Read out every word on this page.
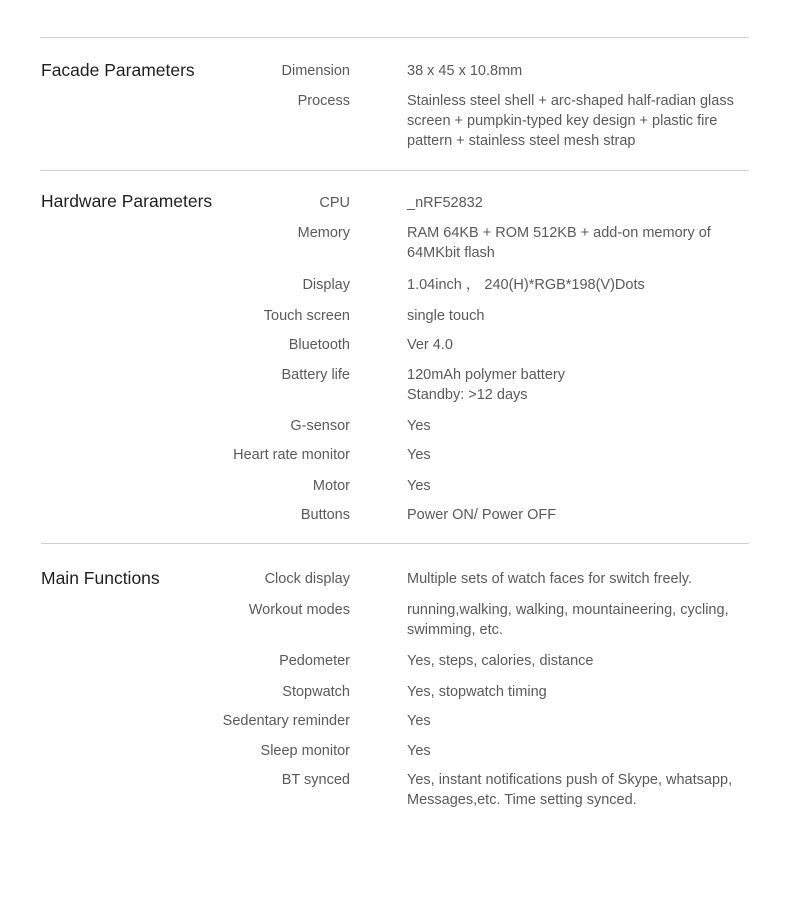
Facade Parameters	Dimension	38 x 45 x 10.8mm
Process	Stainless steel shell + arc-shaped half-radian glass
screen + pumpkin-typed key design + plastic fire
pattern + stainless steel mesh strap
Hardware Parameters	CPU	_nRF52832
Memory	RAM 64KB + ROM 512KB + add-on memory of
64MKbit flash
Display	1.04inch ， 240(H)*RGB*198(V)Dots
Touch screen	single touch
Bluetooth	Ver 4.0
Battery life	120mAh polymer battery
Standby: >12 days
G-sensor	Yes
Heart rate monitor	Yes
Motor	Yes
Buttons	Power ON/ Power OFF
Main Functions	Clock display	Multiple sets of watch faces for switch freely.
Workout modes	running,walking, walking, mountaineering, cycling,
swimming, etc.
Pedometer	Yes, steps, calories, distance
Stopwatch	Yes, stopwatch timing
Sedentary reminder	Yes
Sleep monitor	Yes
BT synced	Yes, instant notifications push of Skype, whatsapp,
Messages,etc. Time setting synced.
